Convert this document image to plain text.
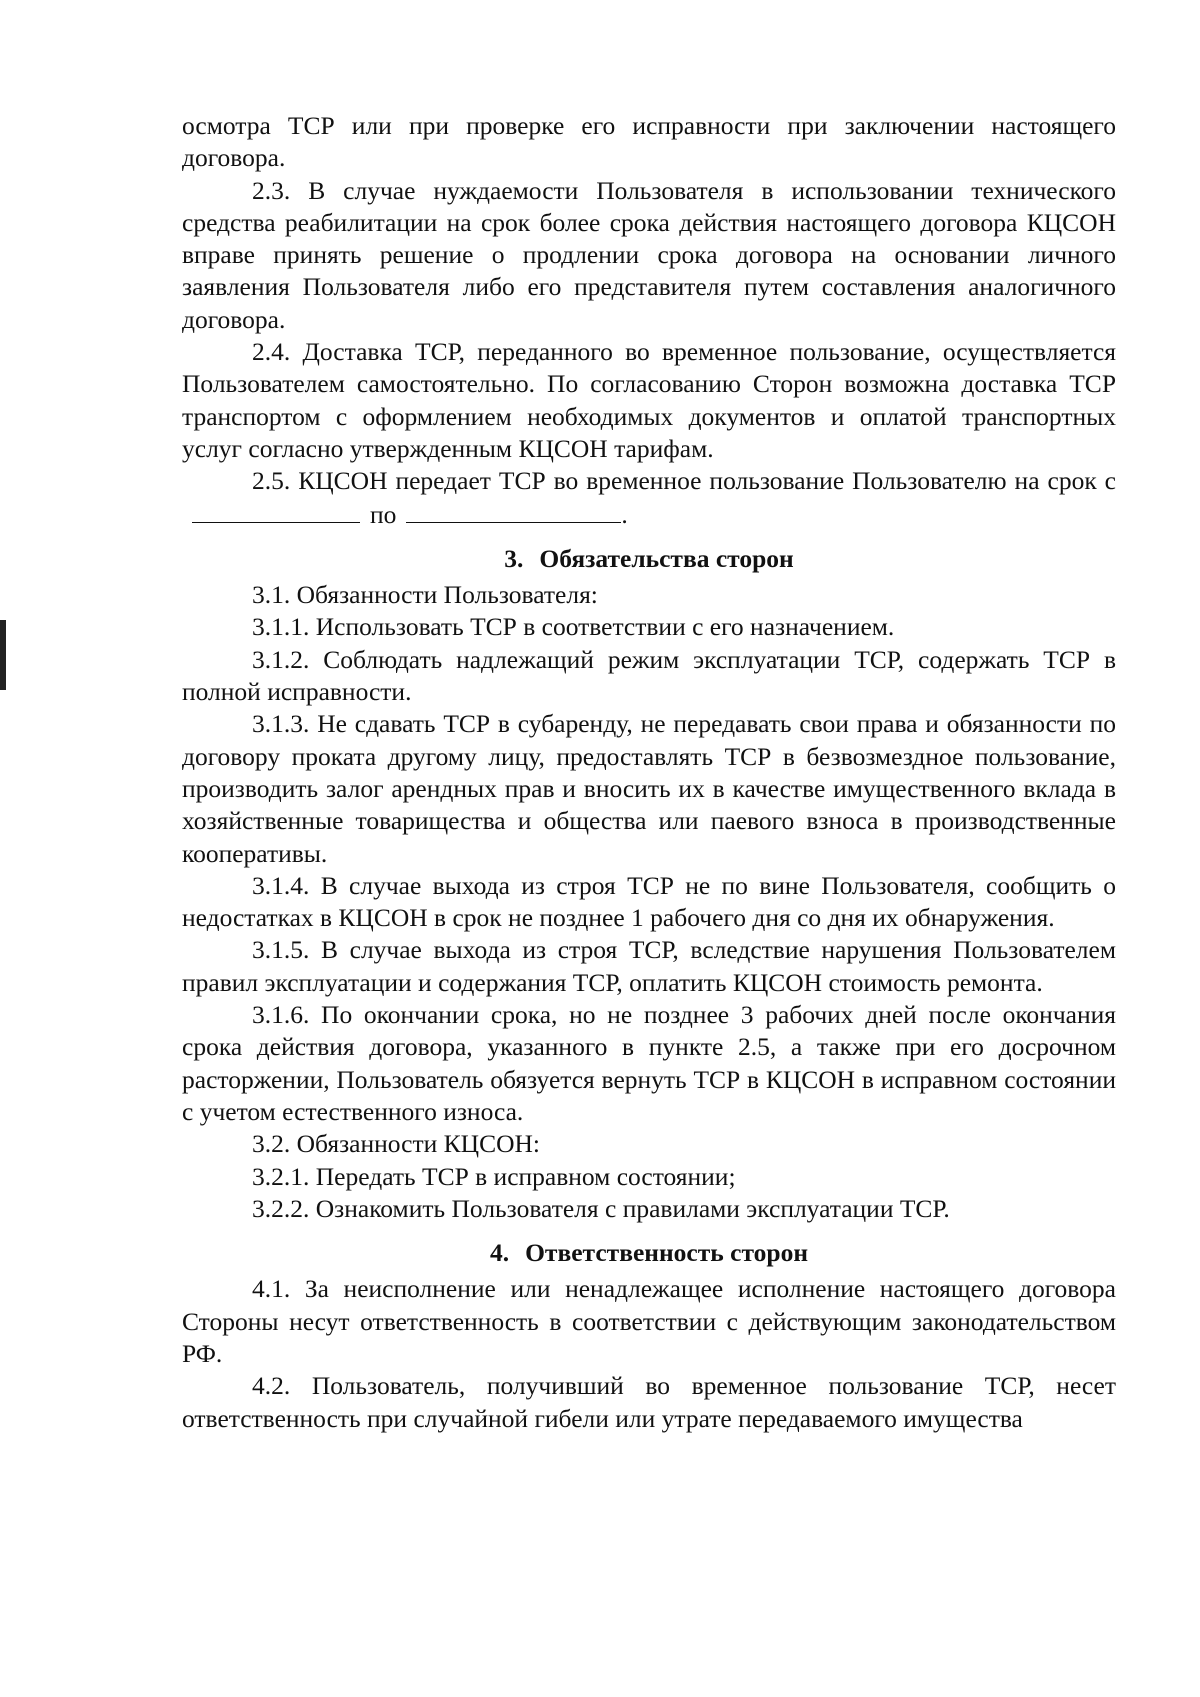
осмотра ТСР или при проверке его исправности при заключении настоящего договора.

2.3. В случае нуждаемости Пользователя в использовании технического средства реабилитации на срок более срока действия настоящего договора КЦСОН вправе принять решение о продлении срока договора на основании личного заявления Пользователя либо его представителя путем составления аналогичного договора.

2.4. Доставка ТСР, переданного во временное пользование, осуществляется Пользователем самостоятельно. По согласованию Сторон возможна доставка ТСР транспортом с оформлением необходимых документов и оплатой транспортных услуг согласно утвержденным КЦСОН тарифам.

2.5. КЦСОН передает ТСР во временное пользование Пользователю на срок спо	.

3. Обязательства сторон

3.1. Обязанности Пользователя:

3.1.1. Использовать ТСР в соответствии с его назначением.

3.1.2. Соблюдать надлежащий режим эксплуатации ТСР, содержать ТСР в полной исправности.

3.1.3. Не сдавать ТСР в субаренду, не передавать свои права и обязанности по договору проката другому лицу, предоставлять ТСР в безвозмездное пользование, производить залог арендных прав и вносить их в качестве имущественного вклада в хозяйственные товарищества и общества или паевого взноса в производственные кооперативы.

3.1.4. В случае выхода из строя ТСР не по вине Пользователя, сообщить о недостатках в КЦСОН в срок не позднее 1 рабочего дня со дня их обнаружения.

3.1.5. В случае выхода из строя ТСР, вследствие нарушения Пользователем правил эксплуатации и содержания ТСР, оплатить КЦСОН стоимость ремонта.

3.1.6. По окончании срока, но не позднее 3 рабочих дней после окончания срока действия договора, указанного в пункте 2.5, а также при его досрочном расторжении, Пользователь обязуется вернуть ТСР в КЦСОН в исправном состоянии с учетом естественного износа.

3.2. Обязанности КЦСОН:

3.2.1. Передать ТСР в исправном состоянии;

3.2.2. Ознакомить Пользователя с правилами эксплуатации ТСР.

4. Ответственность сторон

4.1. За неисполнение или ненадлежащее исполнение настоящего договора Стороны несут ответственность в соответствии с действующим законодательством РФ.

4.2. Пользователь, получивший во временное пользование ТСР, несет ответственность при случайной гибели или утрате передаваемого имущества
